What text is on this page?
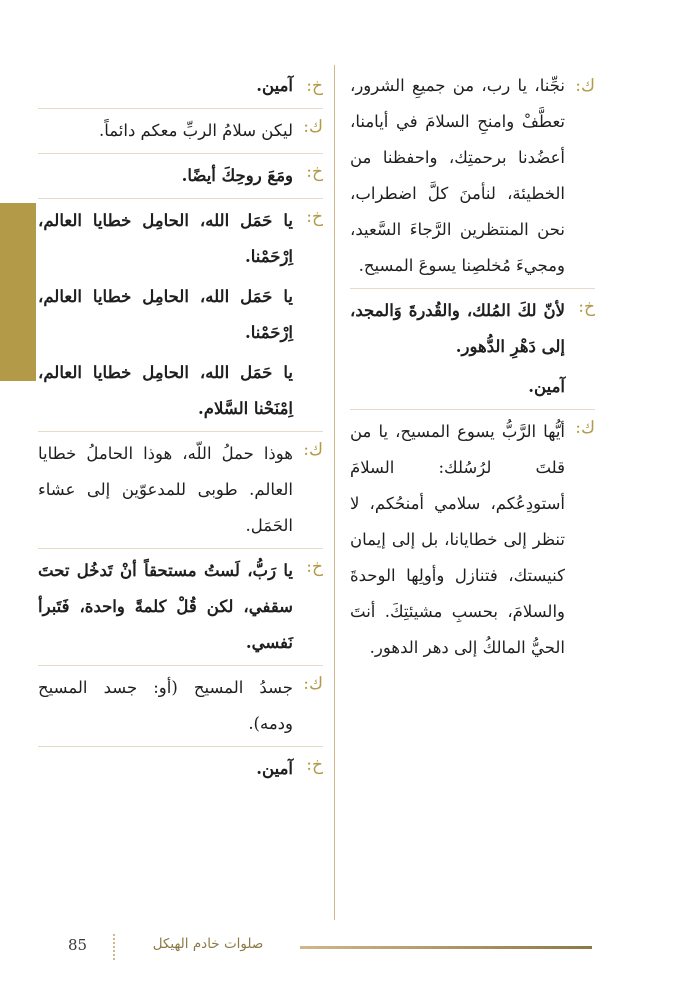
ك:

نجِّنا، يا رب، من جميعِ الشرور، تعطَّفْ وامنحِ السلامَ في أيامنا، أعضُدنا برحمتِك، واحفظنا من الخطيئة، لنأمنَ كلَّ اضطراب، نحن المنتظرين الرَّجاءَ السَّعيد، ومجيءَ مُخلصِنا يسوعَ المسيح.

خ:

لأنّ لكَ المُلك، والقُدرةَ وَالمجد، إلى دَهْرِ الدُّهور.

آمين.

ك:

أيُّها الرَّبُّ يسوع المسيح، يا من قلتَ لرُسُلك: السلامَ أستودِعُكم، سلامي أمنحُكم، لا تنظر إلى خطايانا، بل إلى إيمان كنيستك، فتنازل وأولِها الوحدةَ والسلامَ، بحسبِ مشيئتِكَ. أنتَ الحيُّ المالكُ إلى دهر الدهور.

خ:

آمين.

ك:

ليكن سلامُ الربِّ معكم دائماً.

خ:

ومَعَ روحِكَ أيضًا.

خ:

يا حَمَل الله، الحامِل خطايا العالم، اِرْحَمْنا.

يا حَمَل الله، الحامِل خطايا العالم، اِرْحَمْنا.

يا حَمَل الله، الحامِل خطايا العالم، اِمْنَحْنا السَّلام.

ك:

هوذا حملُ اللّه، هوذا الحاملُ خطايا العالم. طوبى للمدعوّين إلى عشاء الحَمَل.

خ:

يا رَبُّ، لَستُ مستحقاً أنْ تَدخُل تحتَ سقفي، لكن قُلْ كلمةً واحدة، فَتَبرأ نَفسي.

ك:

جسدُ المسيح (أو: جسد المسيح ودمه).

خ:

آمين.

صلوات خادم الهيكل
85
